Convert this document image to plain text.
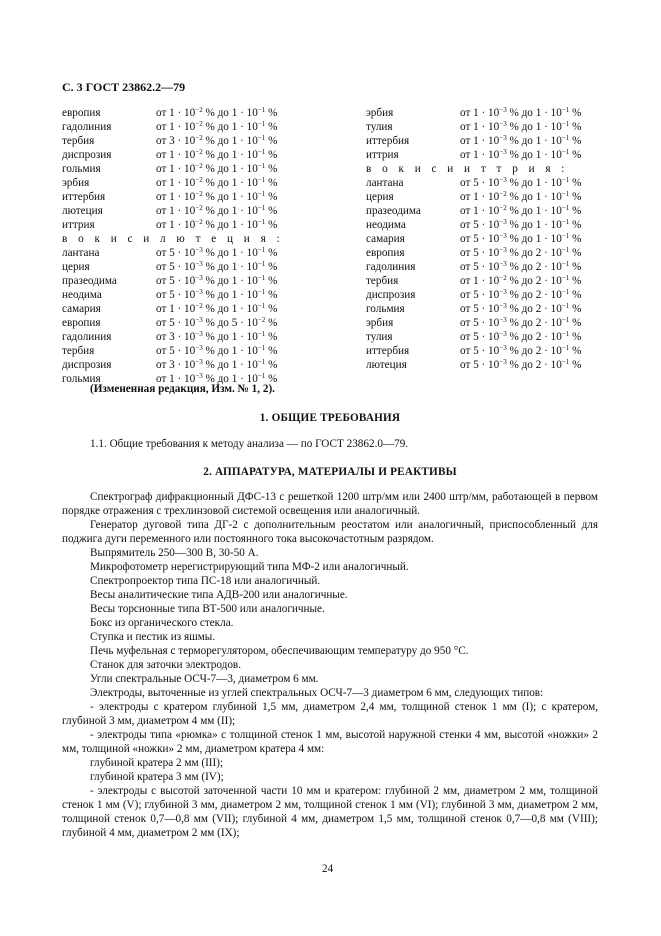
С. 3 ГОСТ 23862.2—79
европия	от $1 \cdot 10^{-2}$ % до $1 \cdot 10^{-1}$ %
гадолиния	от $1 \cdot 10^{-2}$ % до $1 \cdot 10^{-1}$ %
тербия	от $3 \cdot 10^{-2}$ % до $1 \cdot 10^{-1}$ %
диспрозия	от $1 \cdot 10^{-2}$ % до $1 \cdot 10^{-1}$ %
гольмия	от $1 \cdot 10^{-2}$ % до $1 \cdot 10^{-1}$ %
эрбия	от $1 \cdot 10^{-2}$ % до $1 \cdot 10^{-1}$ %
иттербия	от $1 \cdot 10^{-2}$ % до $1 \cdot 10^{-1}$ %
лютеция	от $1 \cdot 10^{-2}$ % до $1 \cdot 10^{-1}$ %
иттрия	от $1 \cdot 10^{-2}$ % до $1 \cdot 10^{-1}$ %
в о к и с и л ю т е ц и я :
лантана	от $5 \cdot 10^{-3}$ % до $1 \cdot 10^{-1}$ %
церия	от $5 \cdot 10^{-3}$ % до $1 \cdot 10^{-1}$ %
празеодима	от $5 \cdot 10^{-3}$ % до $1 \cdot 10^{-1}$ %
неодима	от $5 \cdot 10^{-3}$ % до $1 \cdot 10^{-1}$ %
самария	от $1 \cdot 10^{-2}$ % до $1 \cdot 10^{-1}$ %
европия	от $5 \cdot 10^{-3}$ % до $5 \cdot 10^{-2}$ %
гадолиния	от $3 \cdot 10^{-3}$ % до $1 \cdot 10^{-1}$ %
тербия	от $5 \cdot 10^{-3}$ % до $1 \cdot 10^{-1}$ %
диспрозия	от $3 \cdot 10^{-3}$ % до $1 \cdot 10^{-1}$ %
гольмия	от $1 \cdot 10^{-3}$ % до $1 \cdot 10^{-1}$ %
эрбия	от $1 \cdot 10^{-3}$ % до $1 \cdot 10^{-1}$ %
тулия	от $1 \cdot 10^{-3}$ % до $1 \cdot 10^{-1}$ %
иттербия	от $1 \cdot 10^{-3}$ % до $1 \cdot 10^{-1}$ %
иттрия	от $1 \cdot 10^{-3}$ % до $1 \cdot 10^{-1}$ %
в о к и с и и т т р и я :
лантана	от $5 \cdot 10^{-3}$ % до $1 \cdot 10^{-1}$ %
церия	от $1 \cdot 10^{-2}$ % до $1 \cdot 10^{-1}$ %
празеодима	от $1 \cdot 10^{-2}$ % до $1 \cdot 10^{-1}$ %
неодима	от $5 \cdot 10^{-3}$ % до $1 \cdot 10^{-1}$ %
самария	от $5 \cdot 10^{-3}$ % до $1 \cdot 10^{-1}$ %
европия	от $5 \cdot 10^{-3}$ % до $2 \cdot 10^{-1}$ %
гадолиния	от $5 \cdot 10^{-3}$ % до $2 \cdot 10^{-1}$ %
тербия	от $1 \cdot 10^{-2}$ % до $2 \cdot 10^{-1}$ %
диспрозия	от $5 \cdot 10^{-3}$ % до $2 \cdot 10^{-1}$ %
гольмия	от $5 \cdot 10^{-3}$ % до $2 \cdot 10^{-1}$ %
эрбия	от $5 \cdot 10^{-3}$ % до $2 \cdot 10^{-1}$ %
тулия	от $5 \cdot 10^{-3}$ % до $2 \cdot 10^{-1}$ %
иттербия	от $5 \cdot 10^{-3}$ % до $2 \cdot 10^{-1}$ %
лютеция	от $5 \cdot 10^{-3}$ % до $2 \cdot 10^{-1}$ %
(Измененная редакция, Изм. № 1, 2).
1. ОБЩИЕ ТРЕБОВАНИЯ
1.1. Общие требования к методу анализа — по ГОСТ 23862.0—79.
2. АППАРАТУРА, МАТЕРИАЛЫ И РЕАКТИВЫ

Спектрограф дифракционный ДФС-13 с решеткой 1200 штр/мм или 2400 штр/мм, работающей в первом порядке отражения с трехлинзовой системой освещения или аналогичный.

Генератор дуговой типа ДГ-2 с дополнительным реостатом или аналогичный, приспособленный для поджига дуги переменного или постоянного тока высокочастотным разрядом.

Выпрямитель 250—300 В, 30-50 А.

Микрофотометр нерегистрирующий типа МФ-2 или аналогичный.

Спектропроектор типа ПС-18 или аналогичный.

Весы аналитические типа АДВ-200 или аналогичные.

Весы торсионные типа ВТ-500 или аналогичные.

Бокс из органического стекла.

Ступка и пестик из яшмы.

Печь муфельная с терморегулятором, обеспечивающим температуру до 950 °С.

Станок для заточки электродов.

Угли спектральные ОСЧ-7—3, диаметром 6 мм.

Электроды, выточенные из углей спектральных ОСЧ-7—3 диаметром 6 мм, следующих типов:

- электроды с кратером глубиной 1,5 мм, диаметром 2,4 мм, толщиной стенок 1 мм (I); с кратером, глубиной 3 мм, диаметром 4 мм (II);

- электроды типа «рюмка» с толщиной стенок 1 мм, высотой наружной стенки 4 мм, высотой «ножки» 2 мм, толщиной «ножки» 2 мм, диаметром кратера 4 мм:

глубиной кратера 2 мм (III);

глубиной кратера 3 мм (IV);

- электроды с высотой заточенной части 10 мм и кратером: глубиной 2 мм, диаметром 2 мм, толщиной стенок 1 мм (V); глубиной 3 мм, диаметром 2 мм, толщиной стенок 1 мм (VI); глубиной 3 мм, диаметром 2 мм, толщиной стенок 0,7—0,8 мм (VII); глубиной 4 мм, диаметром 1,5 мм, толщиной стенок 0,7—0,8 мм (VIII); глубиной 4 мм, диаметром 2 мм (IX);

24
